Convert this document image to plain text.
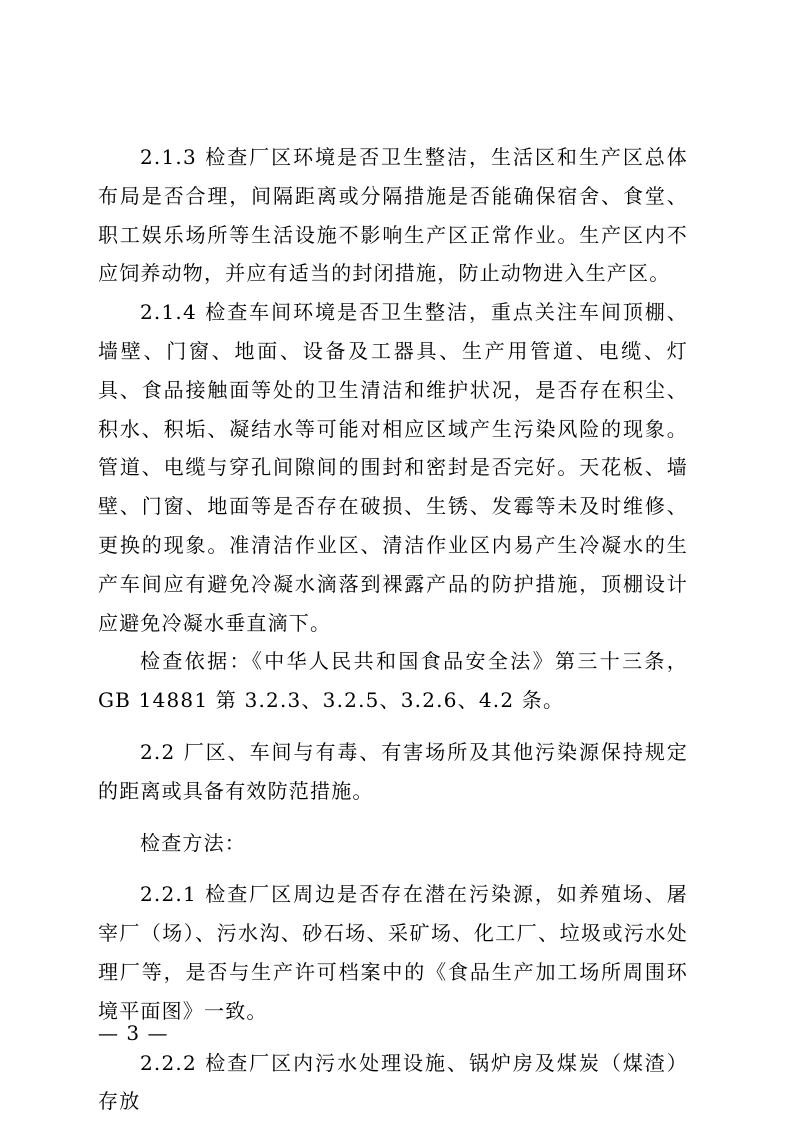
2.1.3 检查厂区环境是否卫生整洁，生活区和生产区总体布局是否合理，间隔距离或分隔措施是否能确保宿舍、食堂、职工娱乐场所等生活设施不影响生产区正常作业。生产区内不应饲养动物，并应有适当的封闭措施，防止动物进入生产区。

2.1.4 检查车间环境是否卫生整洁，重点关注车间顶棚、墙壁、门窗、地面、设备及工器具、生产用管道、电缆、灯具、食品接触面等处的卫生清洁和维护状况，是否存在积尘、积水、积垢、凝结水等可能对相应区域产生污染风险的现象。管道、电缆与穿孔间隙间的围封和密封是否完好。天花板、墙壁、门窗、地面等是否存在破损、生锈、发霉等未及时维修、更换的现象。准清洁作业区、清洁作业区内易产生冷凝水的生产车间应有避免冷凝水滴落到裸露产品的防护措施，顶棚设计应避免冷凝水垂直滴下。

检查依据：《中华人民共和国食品安全法》第三十三条，GB 14881 第 3.2.3、3.2.5、3.2.6、4.2 条。

2.2 厂区、车间与有毒、有害场所及其他污染源保持规定的距离或具备有效防范措施。

检查方法：

2.2.1 检查厂区周边是否存在潜在污染源，如养殖场、屠宰厂（场）、污水沟、砂石场、采矿场、化工厂、垃圾或污水处理厂等，是否与生产许可档案中的《食品生产加工场所周围环境平面图》一致。

2.2.2 检查厂区内污水处理设施、锅炉房及煤炭（煤渣）存放

— 3 —
